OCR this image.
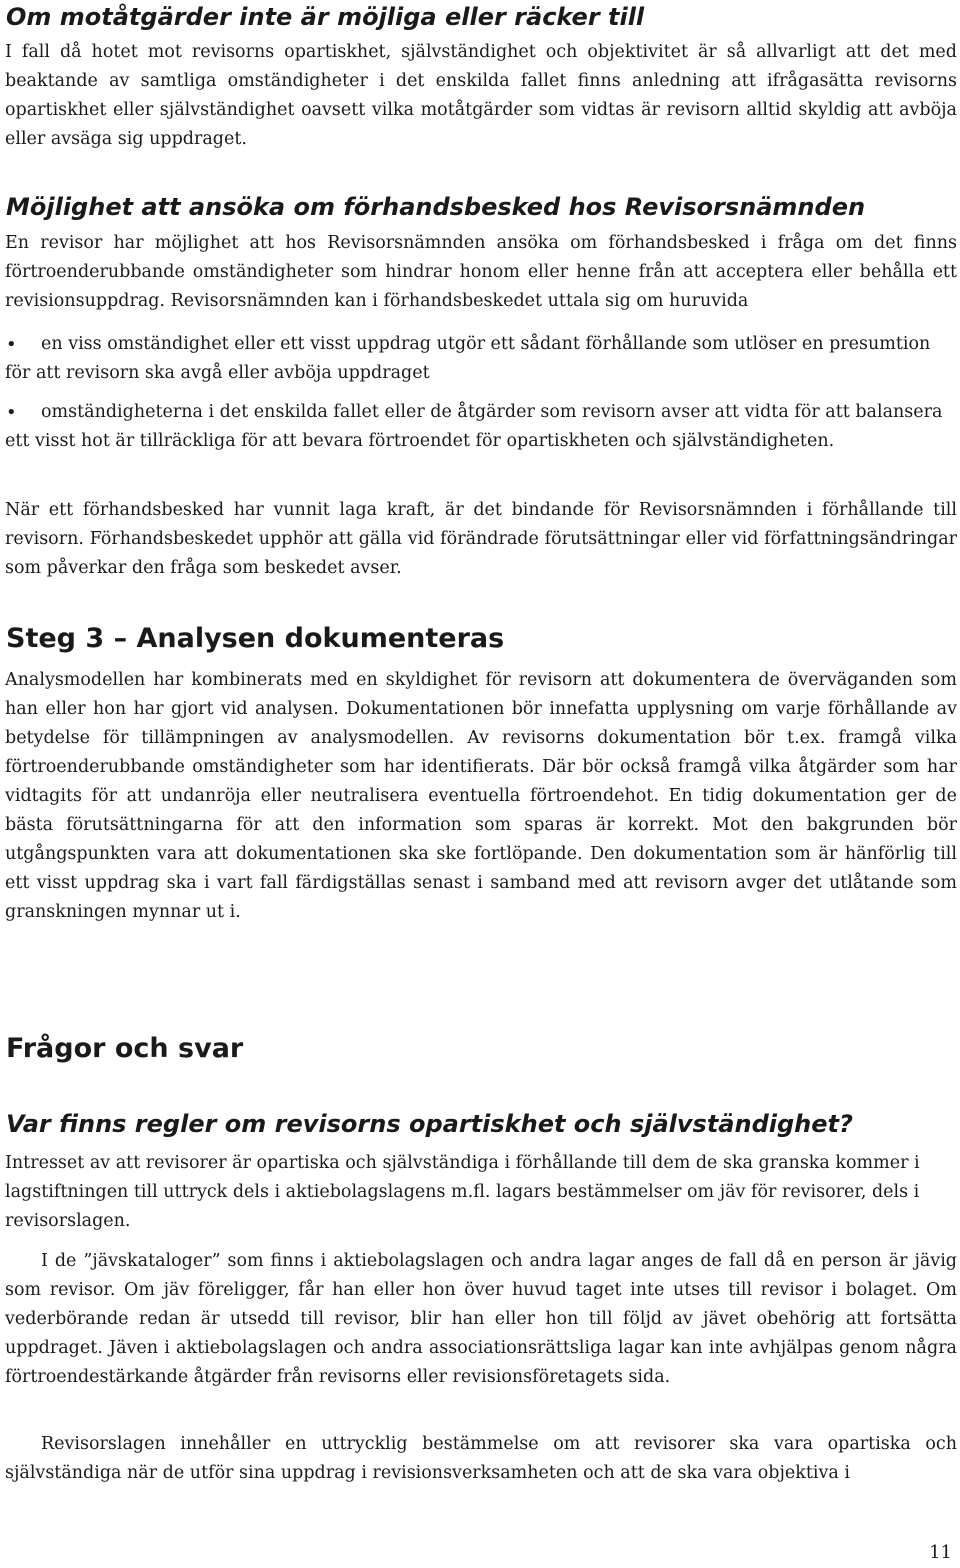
Om motåtgärder inte är möjliga eller räcker till

I fall då hotet mot revisorns opartiskhet, självständighet och objektivitet är så allvarligt att det med beaktande av samtliga omständigheter i det enskilda fallet finns anledning att ifrågasätta revisorns opartiskhet eller självständighet oavsett vilka motåtgärder som vidtas är revisorn alltid skyldig att avböja eller avsäga sig uppdraget.

Möjlighet att ansöka om förhandsbesked hos Revisorsnämnden

En revisor har möjlighet att hos Revisorsnämnden ansöka om förhandsbesked i fråga om det finns förtroenderubbande omständigheter som hindrar honom eller henne från att acceptera eller behålla ett revisionsuppdrag. Revisorsnämnden kan i förhandsbeskedet uttala sig om huruvida

•	en viss omständighet eller ett visst uppdrag utgör ett sådant förhållande som utlöser en presumtion för att revisorn ska avgå eller avböja uppdraget

•	omständigheterna i det enskilda fallet eller de åtgärder som revisorn avser att vidta för att balansera ett visst hot är tillräckliga för att bevara förtroendet för opartiskheten och självständigheten.

När ett förhandsbesked har vunnit laga kraft, är det bindande för Revisorsnämnden i förhållande till revisorn. Förhandsbeskedet upphör att gälla vid förändrade förutsättningar eller vid författningsändringar som påverkar den fråga som beskedet avser.

Steg 3 – Analysen dokumenteras

Analysmodellen har kombinerats med en skyldighet för revisorn att dokumentera de överväganden som han eller hon har gjort vid analysen. Dokumentationen bör innefatta upplysning om varje förhållande av betydelse för tillämpningen av analysmodellen. Av revisorns dokumentation bör t.ex. framgå vilka förtroenderubbande omständigheter som har identifierats. Där bör också framgå vilka åtgärder som har vidtagits för att undanröja eller neutralisera eventuella förtroendehot. En tidig dokumentation ger de bästa förutsättningarna för att den information som sparas är korrekt. Mot den bakgrunden bör utgångspunkten vara att dokumentationen ska ske fortlöpande. Den dokumentation som är hänförlig till ett visst uppdrag ska i vart fall färdigställas senast i samband med att revisorn avger det utlåtande som granskningen mynnar ut i.

Frågor och svar
Var finns regler om revisorns opartiskhet och självständighet?

Intresset av att revisorer är opartiska och självständiga i förhållande till dem de ska granska kommer i lagstiftningen till uttryck dels i aktiebolagslagens m.fl. lagars bestämmelser om jäv för revisorer, dels i revisorslagen.

I de ”jävskataloger” som finns i aktiebolagslagen och andra lagar anges de fall då en person är jävig som revisor. Om jäv föreligger, får han eller hon över huvud taget inte utses till revisor i bolaget. Om vederbörande redan är utsedd till revisor, blir han eller hon till följd av jävet obehörig att fortsätta uppdraget. Jäven i aktiebolagslagen och andra associationsrättsliga lagar kan inte avhjälpas genom några förtroendestärkande åtgärder från revisorns eller revisionsföretagets sida.

Revisorslagen innehåller en uttrycklig bestämmelse om att revisorer ska vara opartiska och självständiga när de utför sina uppdrag i revisionsverksamheten och att de ska vara objektiva i

11
